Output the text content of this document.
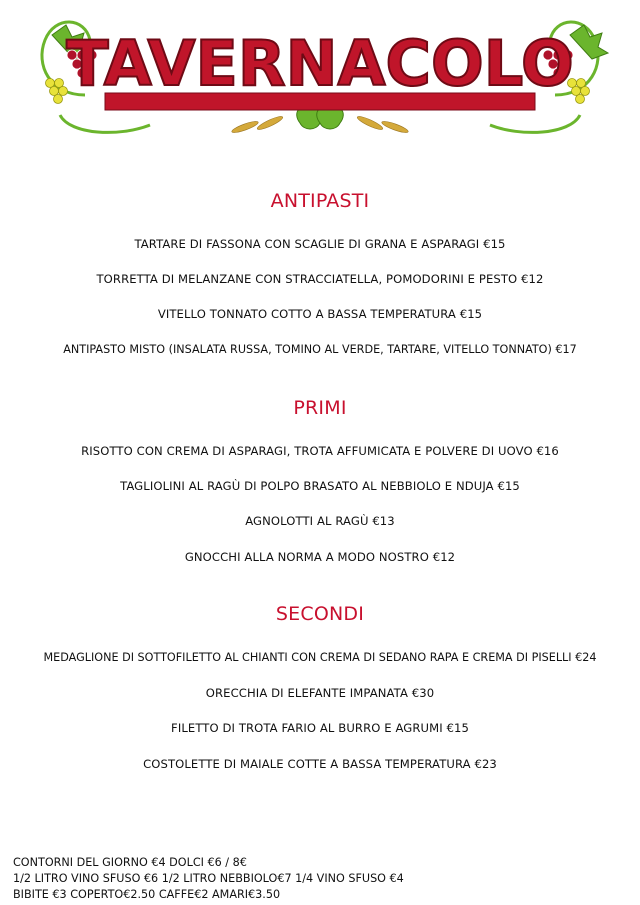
TAVERNACOLO
ANTIPASTI
TARTARE DI FASSONA CON SCAGLIE DI GRANA E ASPARAGI €15
TORRETTA DI MELANZANE CON STRACCIATELLA, POMODORINI E PESTO €12
VITELLO TONNATO COTTO A BASSA TEMPERATURA €15
ANTIPASTO MISTO (INSALATA RUSSA, TOMINO AL VERDE, TARTARE, VITELLO TONNATO) €17
PRIMI
RISOTTO CON CREMA DI ASPARAGI, TROTA AFFUMICATA E POLVERE DI UOVO €16
TAGLIOLINI AL RAGÙ DI POLPO BRASATO AL NEBBIOLO E NDUJA €15
AGNOLOTTI AL RAGÙ €13
GNOCCHI ALLA NORMA A MODO NOSTRO €12
SECONDI
MEDAGLIONE DI SOTTOFILETTO AL CHIANTI CON CREMA DI SEDANO RAPA E CREMA DI PISELLI €24
ORECCHIA DI ELEFANTE IMPANATA €30
FILETTO DI TROTA FARIO AL BURRO E AGRUMI €15
COSTOLETTE DI MAIALE COTTE A BASSA TEMPERATURA €23
CONTORNI DEL GIORNO €4 DOLCI €6 / 8€
1/2 LITRO VINO SFUSO €6 1/2 LITRO NEBBIOLO€7 1/4 VINO SFUSO €4
BIBITE €3 COPERTO€2.50 CAFFE€2 AMARI€3.50
